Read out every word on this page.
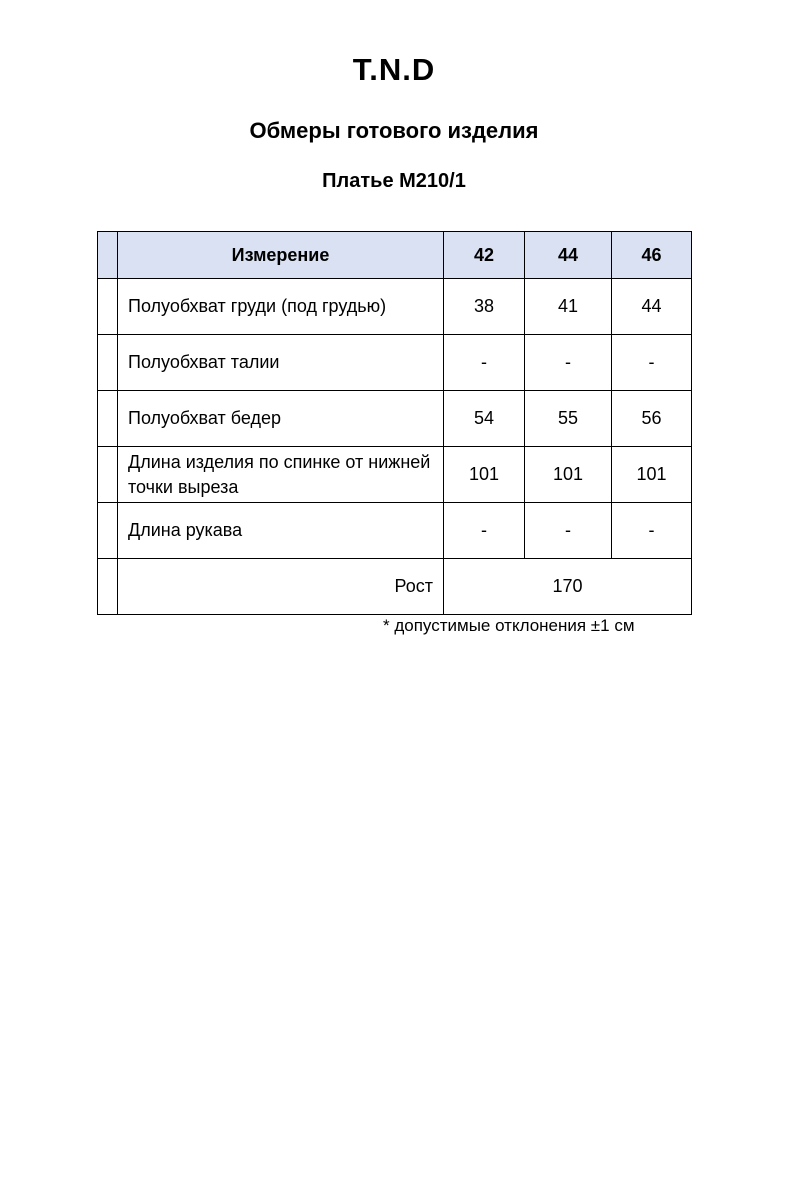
T.N.D
Обмеры готового изделия
Платье M210/1
	Измерение	42	44	46
	Полуобхват груди (под грудью)	38	41	44
	Полуобхват талии	-	-	-
	Полуобхват бедер	54	55	56
	Длина изделия по спинке от нижней точки выреза	101	101	101
	Длина рукава	-	-	-
	Рост	170		
* допустимые отклонения ±1 см
